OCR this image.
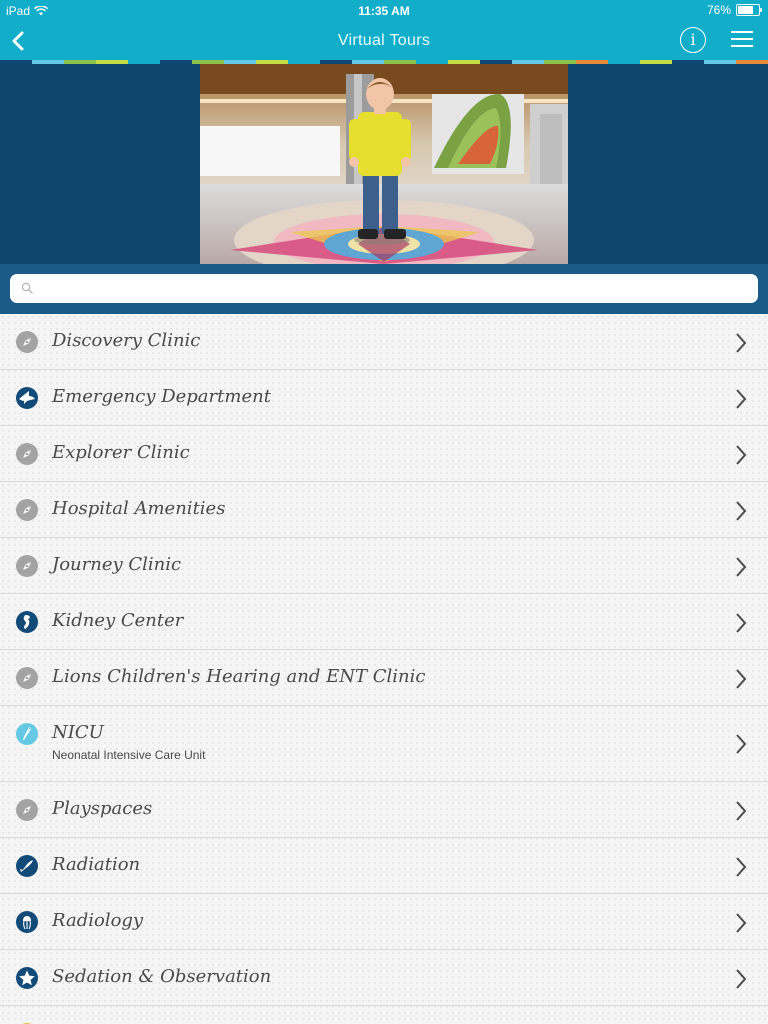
iPad	11:35 AM	76%
Virtual Tours	i
Discovery Clinic
Emergency Department
Explorer Clinic
Hospital Amenities
Journey Clinic
Kidney Center
Lions Children's Hearing and ENT Clinic
NICU
Neonatal Intensive Care Unit
Playspaces
Radiation
Radiology
Sedation & Observation
